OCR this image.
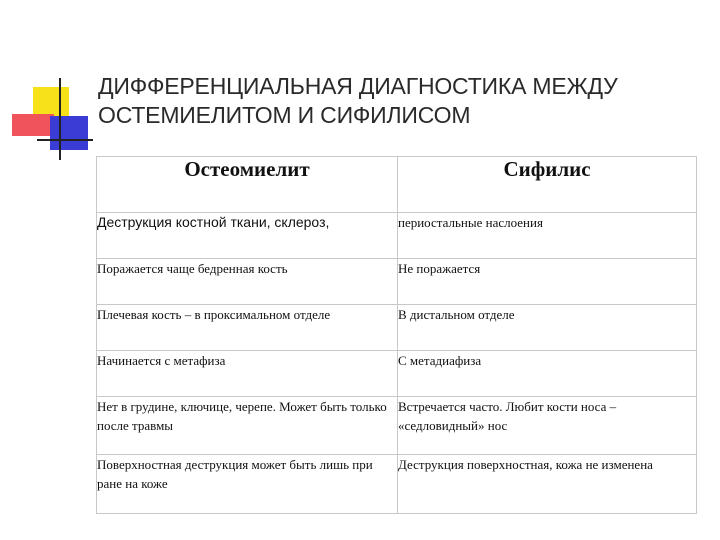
ДИФФЕРЕНЦИАЛЬНАЯ ДИАГНОСТИКА МЕЖДУ
ОСТЕМИЕЛИТОМ И СИФИЛИСОМ
Остеомиелит	Сифилис
Деструкция костной ткани, склероз,	периостальные наслоения
Поражается чаще бедренная кость	Не поражается
Плечевая кость – в проксимальном отделе	В дистальном отделе
Начинается с метафиза	С метадиафиза
Нет в грудине, ключице, черепе. Может быть только после травмы	Встречается часто. Любит кости носа – «седловидный» нос
Поверхностная деструкция может быть лишь при ране на коже	Деструкция поверхностная, кожа не изменена
